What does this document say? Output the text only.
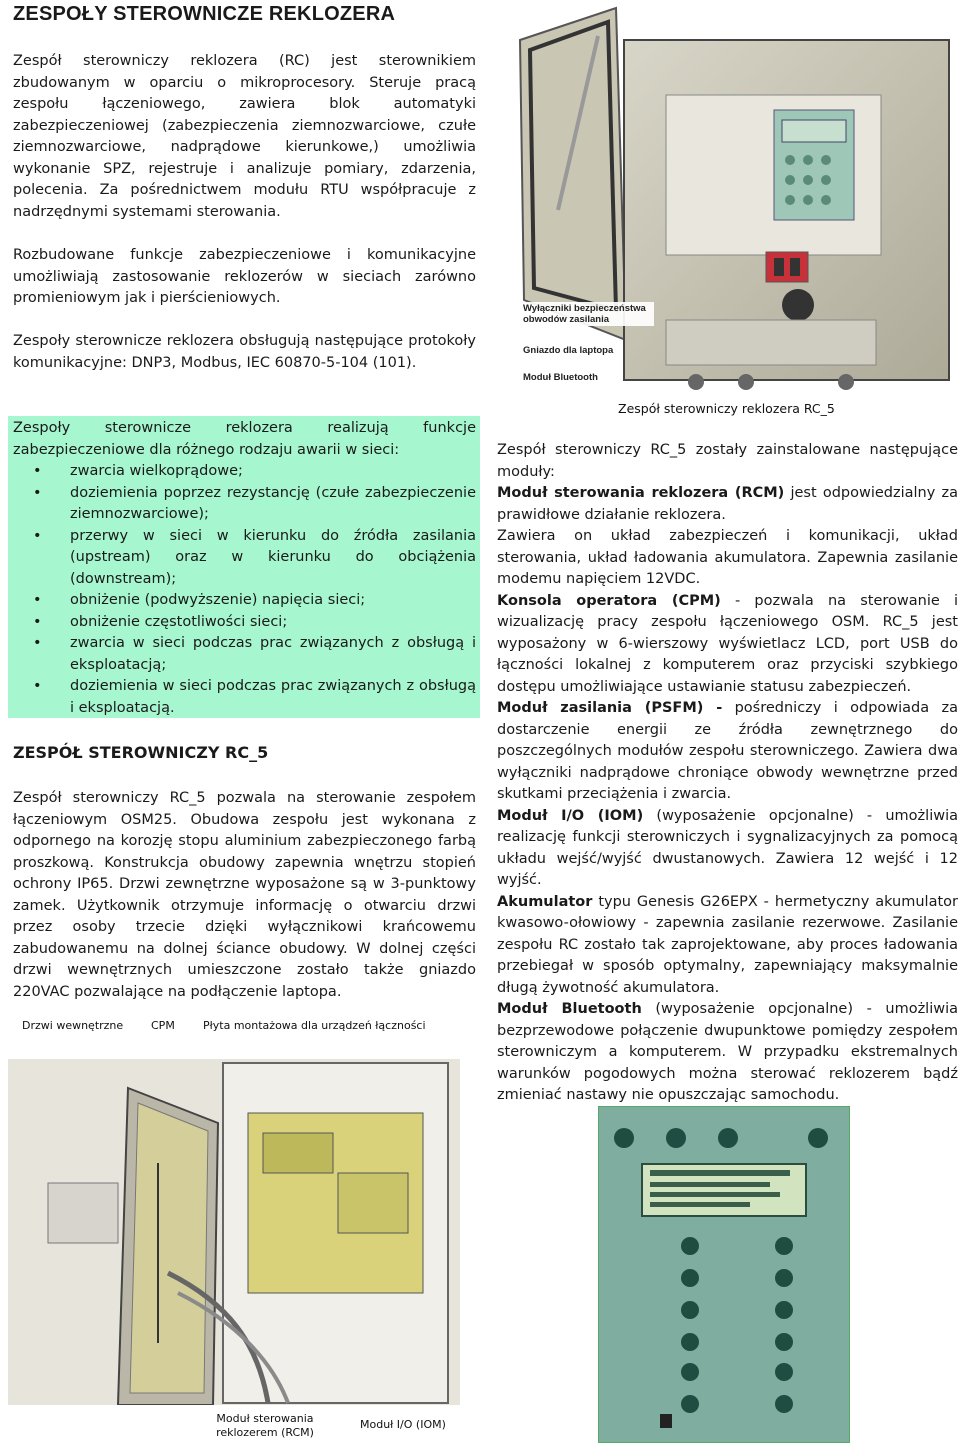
ZESPOŁY STEROWNICZE REKLOZERA

Zespół sterowniczy reklozera (RC) jest sterownikiem zbudowanym w oparciu o mikroprocesory. Steruje pracą zespołu łączeniowego, zawiera blok automatyki zabezpieczeniowej (zabezpieczenia ziemnozwarciowe, czułe ziemnozwarciowe, nadprądowe kierunkowe,) umożliwia wykonanie SPZ, rejestruje i analizuje pomiary, zdarzenia, polecenia. Za pośrednictwem modułu RTU współpracuje z nadrzędnymi systemami sterowania.

Rozbudowane funkcje zabezpieczeniowe i komunikacyjne umożliwiają zastosowanie reklozerów w sieciach zarówno promieniowym jak i pierścieniowych.

Zespoły sterownicze reklozera obsługują następujące protokoły komunikacyjne: DNP3, Modbus, IEC 60870-5-104 (101).

Zespoły sterownicze reklozera realizują funkcje zabezpieczeniowe dla różnego rodzaju awarii w sieci:

• zwarcia wielkoprądowe;
• doziemienia poprzez rezystancję (czułe zabezpieczenie ziemnozwarciowe);
• przerwy w sieci w kierunku do źródła zasilania (upstream) oraz w kierunku do obciążenia (downstream);
• obniżenie (podwyższenie) napięcia sieci;
• obniżenie częstotliwości sieci;
• zwarcia w sieci podczas prac związanych z obsługą i eksploatacją;
• doziemienia w sieci podczas prac związanych z obsługą i eksploatacją.
ZESPÓŁ STEROWNICZY RC_5

Zespół sterowniczy RC_5 pozwala na sterowanie zespołem łączeniowym OSM25. Obudowa zespołu jest wykonana z odpornego na korozję stopu aluminium zabezpieczonego farbą proszkową. Konstrukcja obudowy zapewnia wnętrzu stopień ochrony IP65. Drzwi zewnętrzne wyposażone są w 3-punktowy zamek. Użytkownik otrzymuje informację o otwarciu drzwi przez osoby trzecie dzięki wyłącznikowi krańcowemu zabudowanemu na dolnej ściance obudowy. W dolnej części drzwi wewnętrznych umieszczone zostało także gniazdo 220VAC pozwalające na podłączenie laptopa.

Wyłączniki bezpieczeństwa obwodów zasilania
Gniazdo dla laptopa
Moduł Bluetooth
Zespół sterowniczy reklozera RC_5
Zespół sterowniczy RC_5 zostały zainstalowane następujące moduły:
Moduł sterowania reklozera (RCM) jest odpowiedzialny za prawidłowe działanie reklozera.
Zawiera on układ zabezpieczeń i komunikacji, układ sterowania, układ ładowania akumulatora. Zapewnia zasilanie modemu napięciem 12VDC.
Konsola operatora (CPM) - pozwala na sterowanie i wizualizację pracy zespołu łączeniowego OSM. RC_5 jest wyposażony w 6-wierszowy wyświetlacz LCD, port USB do łączności lokalnej z komputerem oraz przyciski szybkiego dostępu umożliwiające ustawianie statusu zabezpieczeń.
Moduł zasilania (PSFM) - pośredniczy i odpowiada za dostarczenie energii ze źródła zewnętrznego do poszczególnych modułów zespołu sterowniczego. Zawiera dwa wyłączniki nadprądowe chroniące obwody wewnętrzne przed skutkami przeciążenia i zwarcia.
Moduł I/O (IOM) (wyposażenie opcjonalne) - umożliwia realizację funkcji sterowniczych i sygnalizacyjnych za pomocą układu wejść/wyjść dwustanowych. Zawiera 12 wejść i 12 wyjść.
Akumulator typu Genesis G26EPX - hermetyczny akumulator kwasowo-ołowiowy - zapewnia zasilanie rezerwowe. Zasilanie zespołu RC zostało tak zaprojektowane, aby proces ładowania przebiegał w sposób optymalny, zapewniający maksymalnie długą żywotność akumulatora.
Moduł Bluetooth (wyposażenie opcjonalne) - umożliwia bezprzewodowe połączenie dwupunktowe pomiędzy zespołem sterowniczym a komputerem. W przypadku ekstremalnych warunków pogodowych można sterować reklozerem bądź zmieniać nastawy nie opuszczając samochodu.
Drzwi wewnętrzne	CPM	Płyta montażowa dla urządzeń łączności
Moduł sterowania reklozerem (RCM)
Moduł I/O (IOM)
